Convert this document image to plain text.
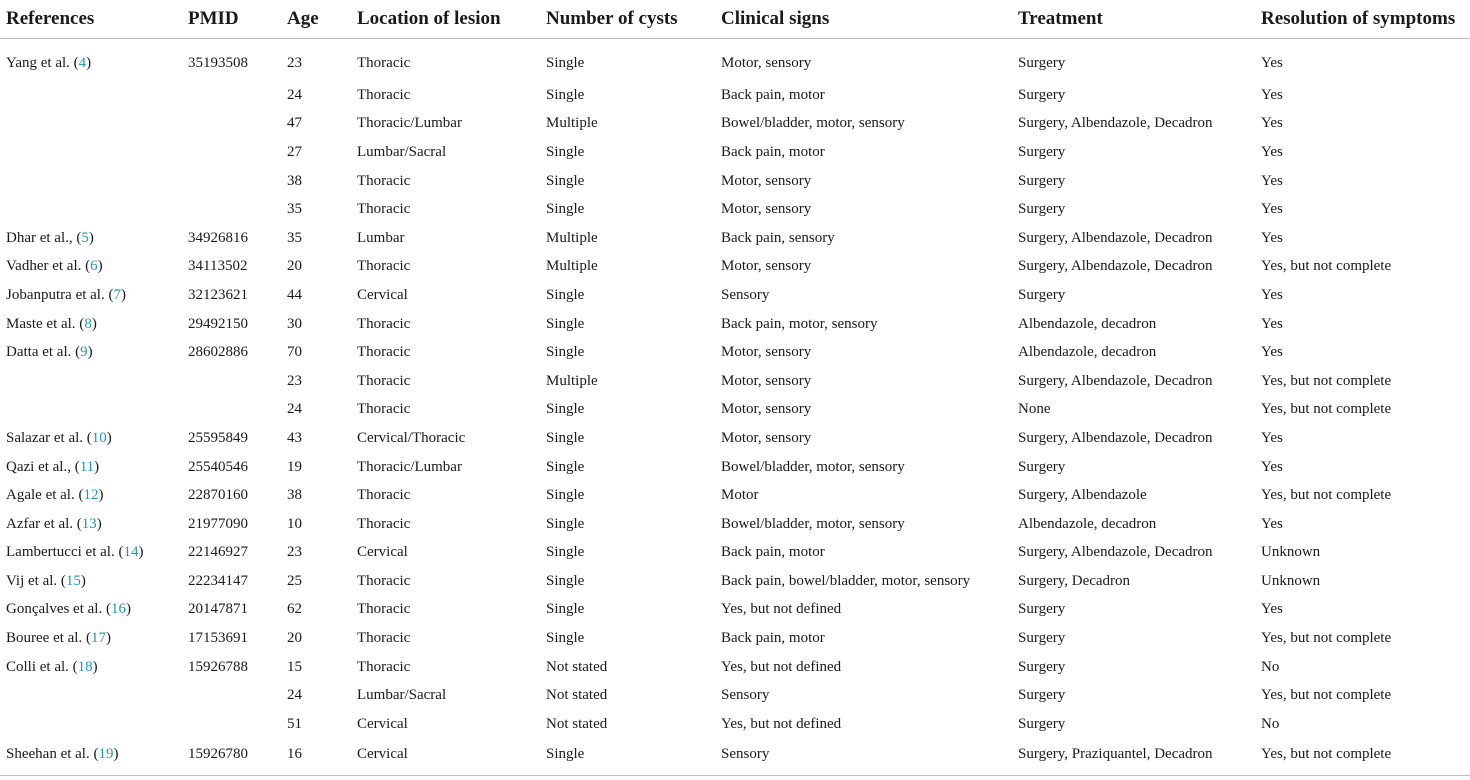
References	PMID	Age	Location of lesion	Number of cysts	Clinical signs	Treatment	Resolution of symptoms
Yang et al. (4)	35193508	23	Thoracic	Single	Motor, sensory	Surgery	Yes
		24	Thoracic	Single	Back pain, motor	Surgery	Yes
		47	Thoracic/Lumbar	Multiple	Bowel/bladder, motor, sensory	Surgery, Albendazole, Decadron	Yes
		27	Lumbar/Sacral	Single	Back pain, motor	Surgery	Yes
		38	Thoracic	Single	Motor, sensory	Surgery	Yes
		35	Thoracic	Single	Motor, sensory	Surgery	Yes
Dhar et al., (5)	34926816	35	Lumbar	Multiple	Back pain, sensory	Surgery, Albendazole, Decadron	Yes
Vadher et al. (6)	34113502	20	Thoracic	Multiple	Motor, sensory	Surgery, Albendazole, Decadron	Yes, but not complete
Jobanputra et al. (7)	32123621	44	Cervical	Single	Sensory	Surgery	Yes
Maste et al. (8)	29492150	30	Thoracic	Single	Back pain, motor, sensory	Albendazole, decadron	Yes
Datta et al. (9)	28602886	70	Thoracic	Single	Motor, sensory	Albendazole, decadron	Yes
		23	Thoracic	Multiple	Motor, sensory	Surgery, Albendazole, Decadron	Yes, but not complete
		24	Thoracic	Single	Motor, sensory	None	Yes, but not complete
Salazar et al. (10)	25595849	43	Cervical/Thoracic	Single	Motor, sensory	Surgery, Albendazole, Decadron	Yes
Qazi et al., (11)	25540546	19	Thoracic/Lumbar	Single	Bowel/bladder, motor, sensory	Surgery	Yes
Agale et al. (12)	22870160	38	Thoracic	Single	Motor	Surgery, Albendazole	Yes, but not complete
Azfar et al. (13)	21977090	10	Thoracic	Single	Bowel/bladder, motor, sensory	Albendazole, decadron	Yes
Lambertucci et al. (14)	22146927	23	Cervical	Single	Back pain, motor	Surgery, Albendazole, Decadron	Unknown
Vij et al. (15)	22234147	25	Thoracic	Single	Back pain, bowel/bladder, motor, sensory	Surgery, Decadron	Unknown
Gonçalves et al. (16)	20147871	62	Thoracic	Single	Yes, but not defined	Surgery	Yes
Bouree et al. (17)	17153691	20	Thoracic	Single	Back pain, motor	Surgery	Yes, but not complete
Colli et al. (18)	15926788	15	Thoracic	Not stated	Yes, but not defined	Surgery	No
		24	Lumbar/Sacral	Not stated	Sensory	Surgery	Yes, but not complete
		51	Cervical	Not stated	Yes, but not defined	Surgery	No
Sheehan et al. (19)	15926780	16	Cervical	Single	Sensory	Surgery, Praziquantel, Decadron	Yes, but not complete
